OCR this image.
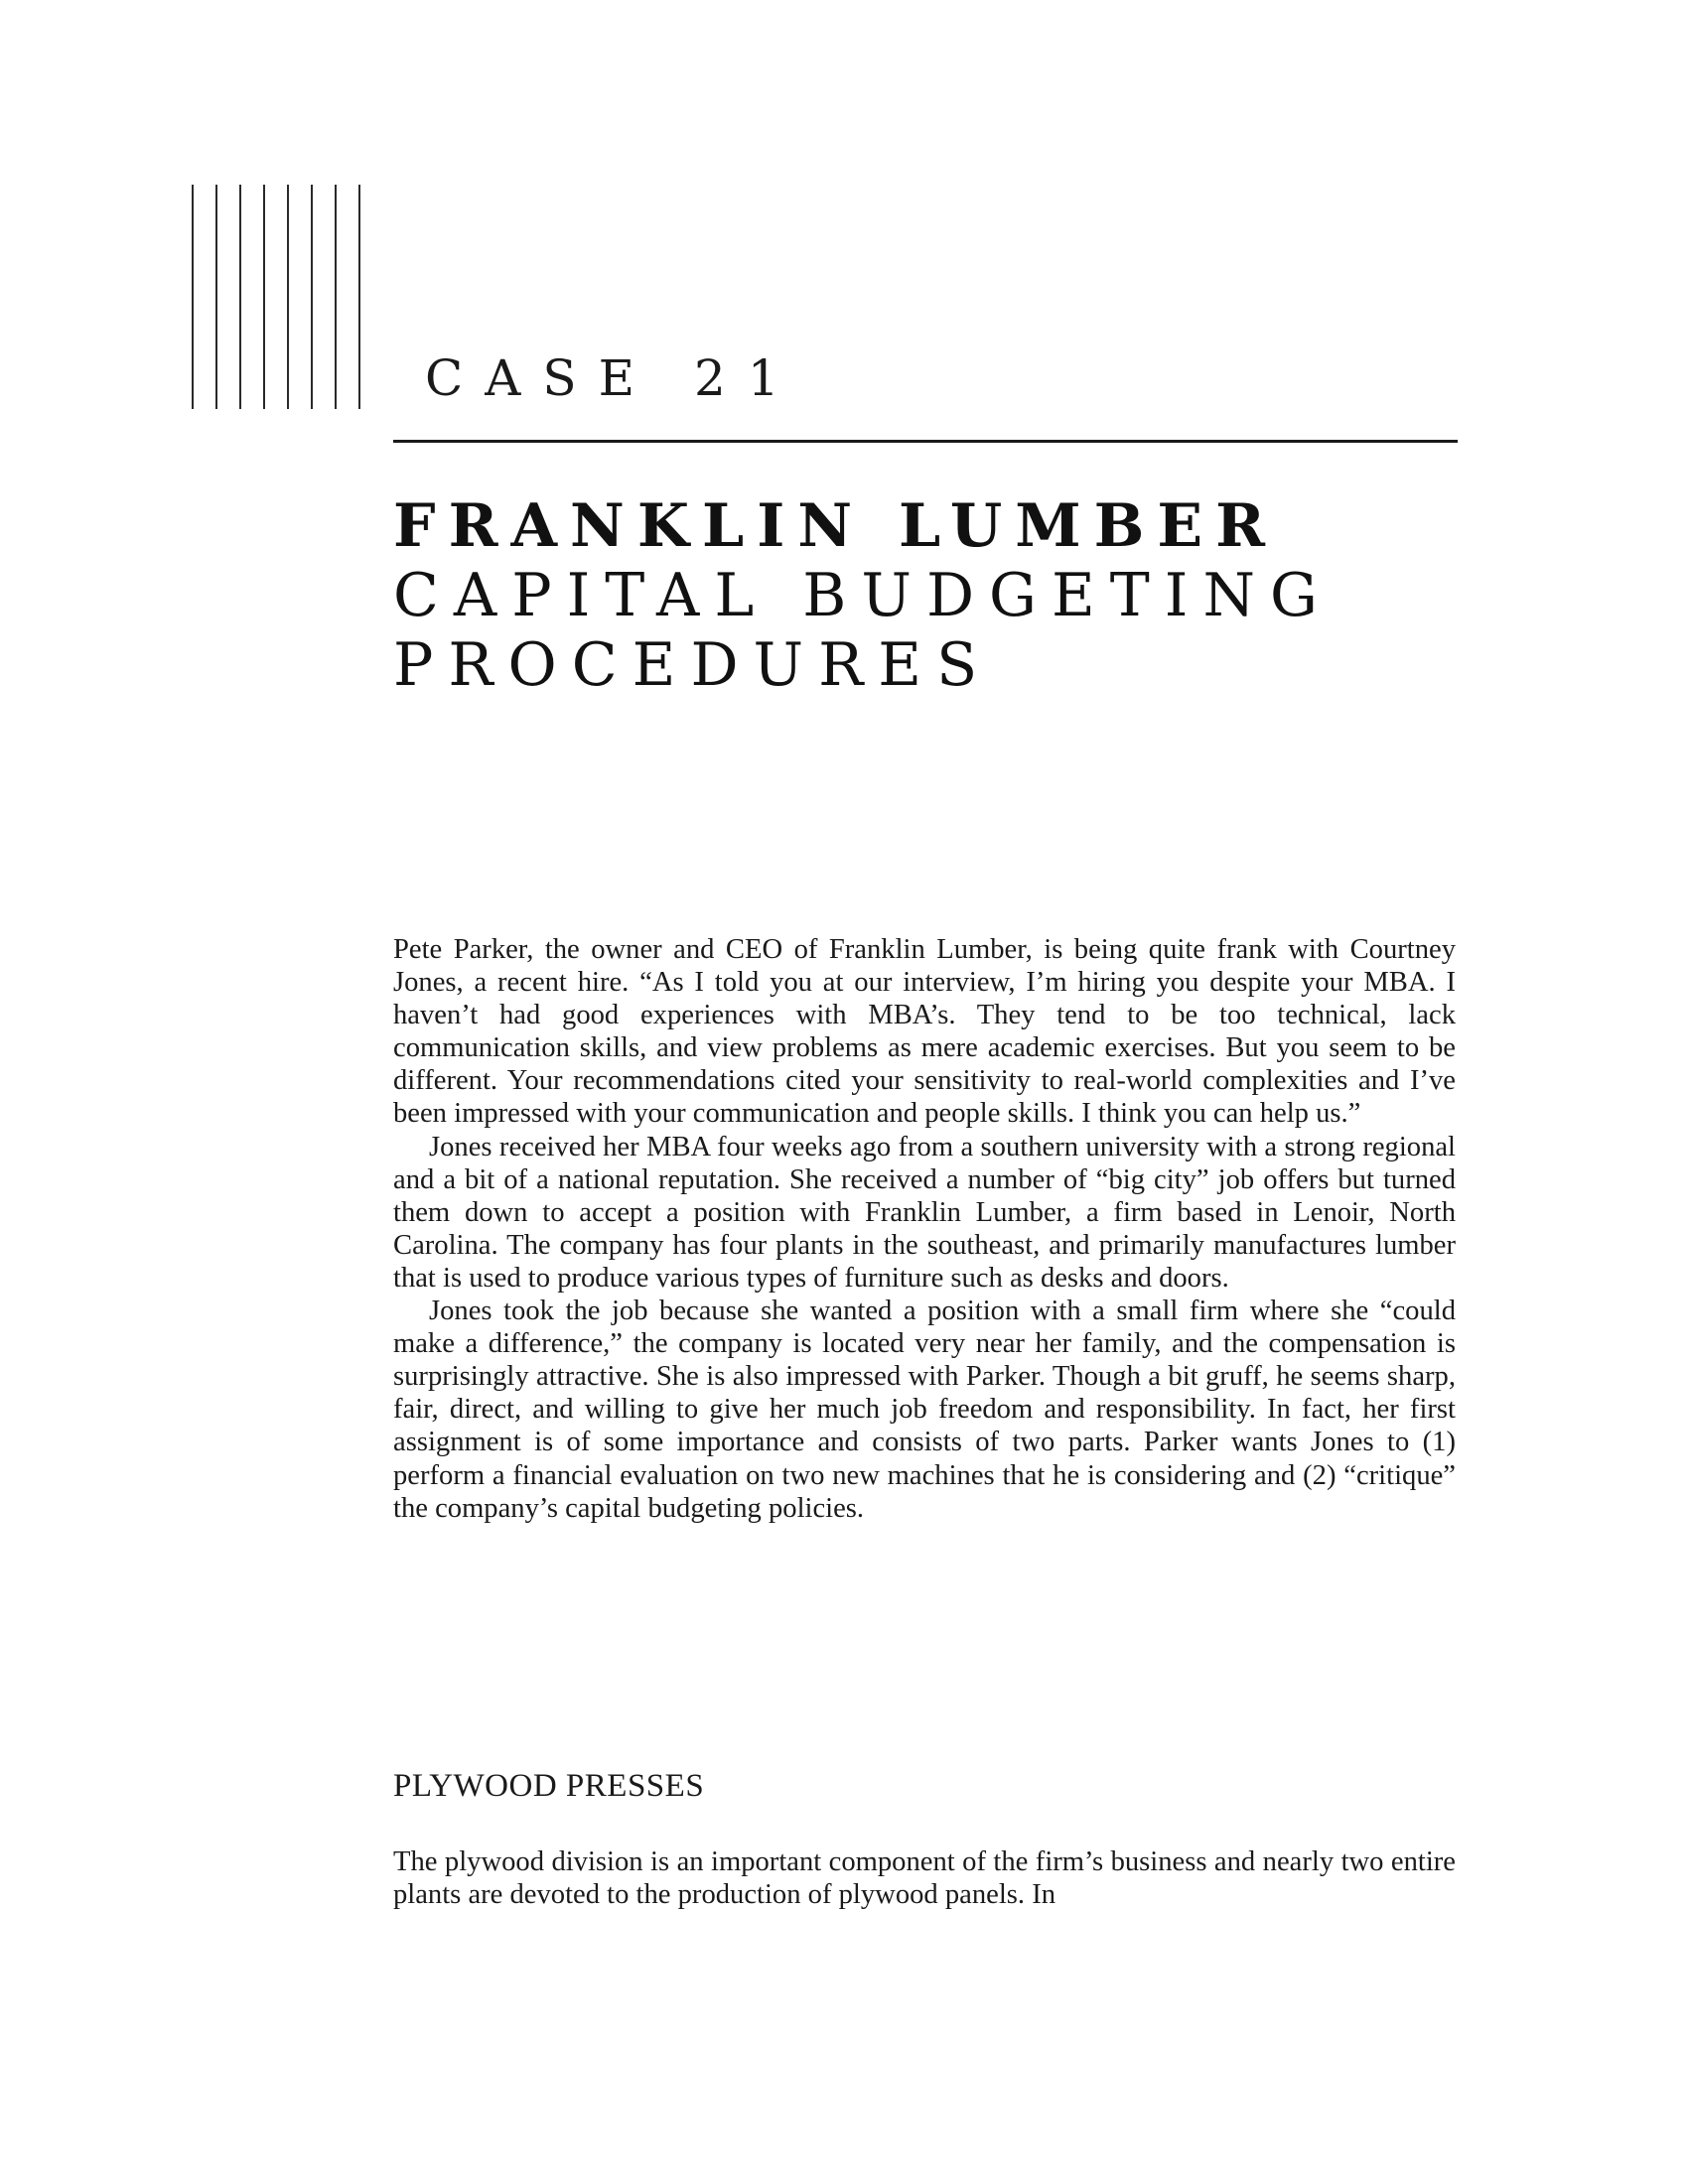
CASE 21
FRANKLIN LUMBER
CAPITAL BUDGETING
PROCEDURES

Pete Parker, the owner and CEO of Franklin Lumber, is being quite frank with Courtney Jones, a recent hire. “As I told you at our interview, I’m hiring you despite your MBA. I haven’t had good experiences with MBA’s. They tend to be too technical, lack communication skills, and view problems as mere academic exercises. But you seem to be different. Your recommendations cited your sensitivity to real-world complexities and I’ve been impressed with your communication and people skills. I think you can help us.”

Jones received her MBA four weeks ago from a southern university with a strong regional and a bit of a national reputation. She received a number of “big city” job offers but turned them down to accept a position with Franklin Lumber, a firm based in Lenoir, North Carolina. The company has four plants in the southeast, and primarily manufactures lumber that is used to produce various types of furniture such as desks and doors.

Jones took the job because she wanted a position with a small firm where she “could make a difference,” the company is located very near her family, and the compensation is surprisingly attractive. She is also impressed with Parker. Though a bit gruff, he seems sharp, fair, direct, and willing to give her much job freedom and responsibility. In fact, her first assignment is of some importance and consists of two parts. Parker wants Jones to (1) perform a financial evaluation on two new machines that he is considering and (2) “critique” the company’s capital budgeting policies.

PLYWOOD PRESSES

The plywood division is an important component of the firm’s business and nearly two entire plants are devoted to the production of plywood panels. In
